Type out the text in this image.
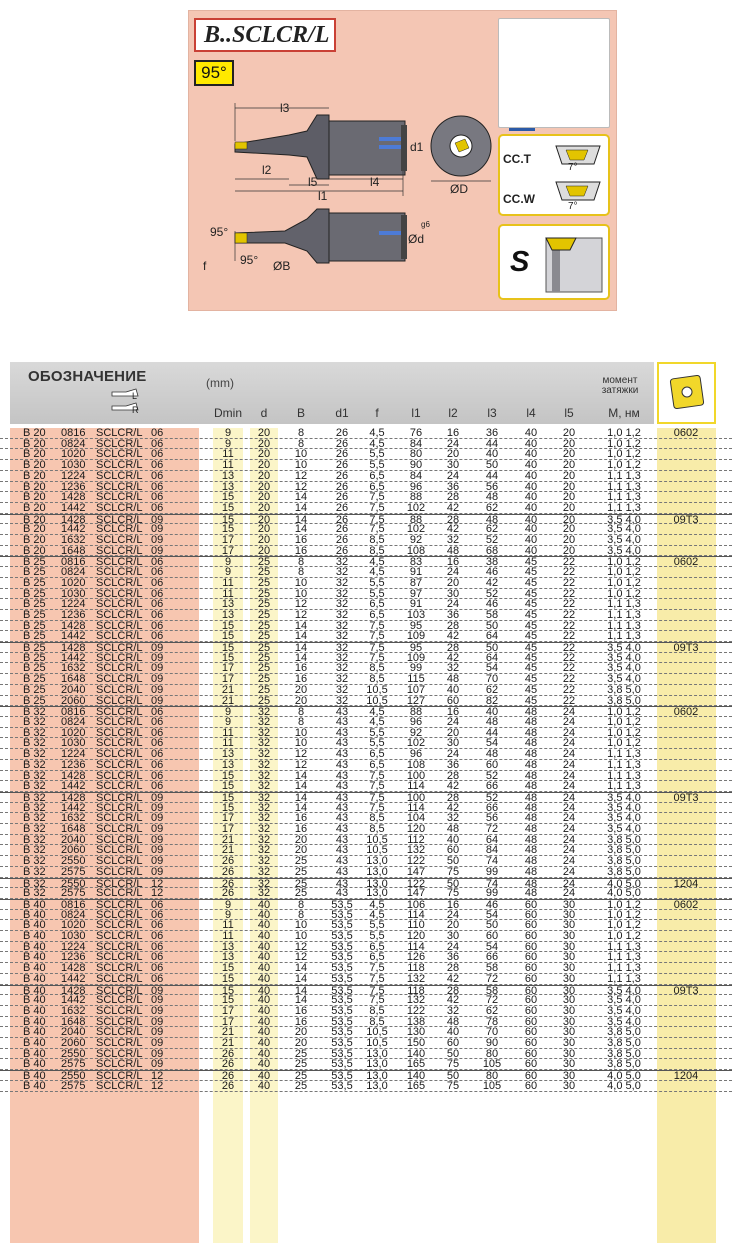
B..SCLCR/L
95°
l3
l2
l5	l4
l1
d1
ØD
Ød
g6
95°
95°
f	ØB
CC.T
CC.W
7°
7°
S
ОБОЗНАЧЕНИЕ
L
R
(mm)	момент затяжки
Dmin	d	B	d1	f	l1	l2	l3	l4	l5	M, нм
B 20 0816 SCLCR/L 06	9	20	8	26	4,5	76	16	36	40	20	1,0 1,2	0602
B 20 0824 SCLCR/L 06	9	20	8	26	4,5	84	24	44	40	20	1,0 1,2
B 20 1020 SCLCR/L 06	11	20	10	26	5,5	80	20	40	40	20	1,0 1,2
B 20 1030 SCLCR/L 06	11	20	10	26	5,5	90	30	50	40	20	1,0 1,2
B 20 1224 SCLCR/L 06	13	20	12	26	6,5	84	24	44	40	20	1,1 1,3
B 20 1236 SCLCR/L 06	13	20	12	26	6,5	96	36	56	40	20	1,1 1,3
B 20 1428 SCLCR/L 06	15	20	14	26	7,5	88	28	48	40	20	1,1 1,3
B 20 1442 SCLCR/L 06	15	20	14	26	7,5	102	42	62	40	20	1,1 1,3
B 20 1428 SCLCR/L 09	15	20	14	26	7,5	88	28	48	40	20	3,5 4,0	09T3
B 20 1442 SCLCR/L 09	15	20	14	26	7,5	102	42	62	40	20	3,5 4,0
B 20 1632 SCLCR/L 09	17	20	16	26	8,5	92	32	52	40	20	3,5 4,0
B 20 1648 SCLCR/L 09	17	20	16	26	8,5	108	48	68	40	20	3,5 4,0
B 25 0816 SCLCR/L 06	9	25	8	32	4,5	83	16	38	45	22	1,0 1,2	0602
B 25 0824 SCLCR/L 06	9	25	8	32	4,5	91	24	46	45	22	1,0 1,2
B 25 1020 SCLCR/L 06	11	25	10	32	5,5	87	20	42	45	22	1,0 1,2
B 25 1030 SCLCR/L 06	11	25	10	32	5,5	97	30	52	45	22	1,0 1,2
B 25 1224 SCLCR/L 06	13	25	12	32	6,5	91	24	46	45	22	1,1 1,3
B 25 1236 SCLCR/L 06	13	25	12	32	6,5	103	36	58	45	22	1,1 1,3
B 25 1428 SCLCR/L 06	15	25	14	32	7,5	95	28	50	45	22	1,1 1,3
B 25 1442 SCLCR/L 06	15	25	14	32	7,5	109	42	64	45	22	1,1 1,3
B 25 1428 SCLCR/L 09	15	25	14	32	7,5	95	28	50	45	22	3,5 4,0	09T3
B 25 1442 SCLCR/L 09	15	25	14	32	7,5	109	42	64	45	22	3,5 4,0
B 25 1632 SCLCR/L 09	17	25	16	32	8,5	99	32	54	45	22	3,5 4,0
B 25 1648 SCLCR/L 09	17	25	16	32	8,5	115	48	70	45	22	3,5 4,0
B 25 2040 SCLCR/L 09	21	25	20	32	10,5	107	40	62	45	22	3,8 5,0
B 25 2060 SCLCR/L 09	21	25	20	32	10,5	127	60	82	45	22	3,8 5,0
B 32 0816 SCLCR/L 06	9	32	8	43	4,5	88	16	40	48	24	1,0 1,2	0602
B 32 0824 SCLCR/L 06	9	32	8	43	4,5	96	24	48	48	24	1,0 1,2
B 32 1020 SCLCR/L 06	11	32	10	43	5,5	92	20	44	48	24	1,0 1,2
B 32 1030 SCLCR/L 06	11	32	10	43	5,5	102	30	54	48	24	1,0 1,2
B 32 1224 SCLCR/L 06	13	32	12	43	6,5	96	24	48	48	24	1,1 1,3
B 32 1236 SCLCR/L 06	13	32	12	43	6,5	108	36	60	48	24	1,1 1,3
B 32 1428 SCLCR/L 06	15	32	14	43	7,5	100	28	52	48	24	1,1 1,3
B 32 1442 SCLCR/L 06	15	32	14	43	7,5	114	42	66	48	24	1,1 1,3
B 32 1428 SCLCR/L 09	15	32	14	43	7,5	100	28	52	48	24	3,5 4,0	09T3
B 32 1442 SCLCR/L 09	15	32	14	43	7,5	114	42	66	48	24	3,5 4,0
B 32 1632 SCLCR/L 09	17	32	16	43	8,5	104	32	56	48	24	3,5 4,0
B 32 1648 SCLCR/L 09	17	32	16	43	8,5	120	48	72	48	24	3,5 4,0
B 32 2040 SCLCR/L 09	21	32	20	43	10,5	112	40	64	48	24	3,8 5,0
B 32 2060 SCLCR/L 09	21	32	20	43	10,5	132	60	84	48	24	3,8 5,0
B 32 2550 SCLCR/L 09	26	32	25	43	13,0	122	50	74	48	24	3,8 5,0
B 32 2575 SCLCR/L 09	26	32	25	43	13,0	147	75	99	48	24	3,8 5,0
B 32 2550 SCLCR/L 12	26	32	25	43	13,0	122	50	74	48	24	4,0 5,0	1204
B 32 2575 SCLCR/L 12	26	32	25	43	13,0	147	75	99	48	24	4,0 5,0
B 40 0816 SCLCR/L 06	9	40	8	53,5	4,5	106	16	46	60	30	1,0 1,2	0602
B 40 0824 SCLCR/L 06	9	40	8	53,5	4,5	114	24	54	60	30	1,0 1,2
B 40 1020 SCLCR/L 06	11	40	10	53,5	5,5	110	20	50	60	30	1,0 1,2
B 40 1030 SCLCR/L 06	11	40	10	53,5	5,5	120	30	60	60	30	1,0 1,2
B 40 1224 SCLCR/L 06	13	40	12	53,5	6,5	114	24	54	60	30	1,1 1,3
B 40 1236 SCLCR/L 06	13	40	12	53,5	6,5	126	36	66	60	30	1,1 1,3
B 40 1428 SCLCR/L 06	15	40	14	53,5	7,5	118	28	58	60	30	1,1 1,3
B 40 1442 SCLCR/L 06	15	40	14	53,5	7,5	132	42	72	60	30	1,1 1,3
B 40 1428 SCLCR/L 09	15	40	14	53,5	7,5	118	28	58	60	30	3,5 4,0	09T3
B 40 1442 SCLCR/L 09	15	40	14	53,5	7,5	132	42	72	60	30	3,5 4,0
B 40 1632 SCLCR/L 09	17	40	16	53,5	8,5	122	32	62	60	30	3,5 4,0
B 40 1648 SCLCR/L 09	17	40	16	53,5	8,5	138	48	78	60	30	3,5 4,0
B 40 2040 SCLCR/L 09	21	40	20	53,5	10,5	130	40	70	60	30	3,8 5,0
B 40 2060 SCLCR/L 09	21	40	20	53,5	10,5	150	60	90	60	30	3,8 5,0
B 40 2550 SCLCR/L 09	26	40	25	53,5	13,0	140	50	80	60	30	3,8 5,0
B 40 2575 SCLCR/L 09	26	40	25	53,5	13,0	165	75	105	60	30	3,8 5,0
B 40 2550 SCLCR/L 12	26	40	25	53,5	13,0	140	50	80	60	30	4,0 5,0	1204
B 40 2575 SCLCR/L 12	26	40	25	53,5	13,0	165	75	105	60	30	4,0 5,0
